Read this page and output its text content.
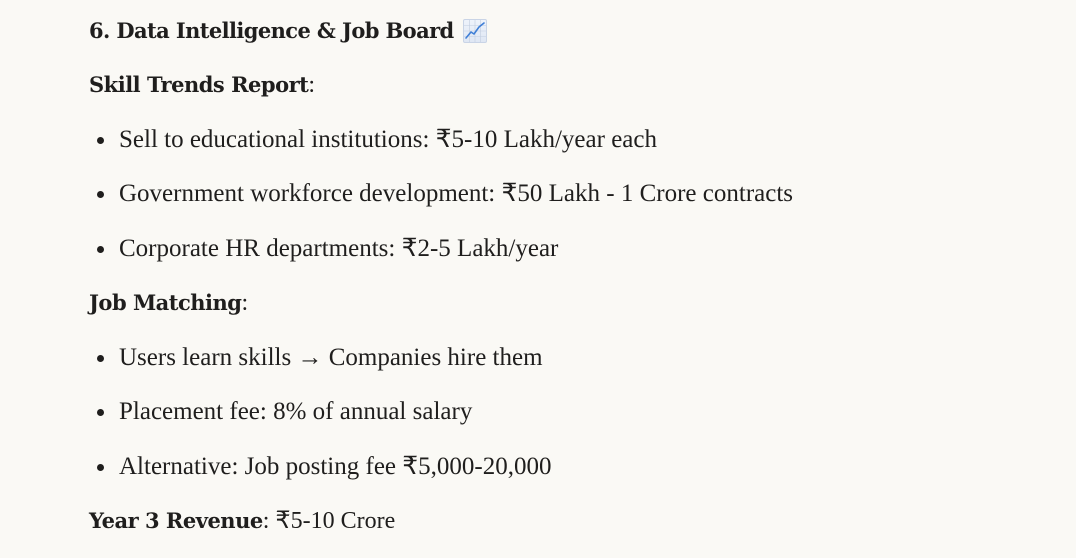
6. Data Intelligence & Job Board
Skill Trends Report:
Sell to educational institutions: ₹5-10 Lakh/year each
Government workforce development: ₹50 Lakh - 1 Crore contracts
Corporate HR departments: ₹2-5 Lakh/year
Job Matching:
Users learn skills → Companies hire them
Placement fee: 8% of annual salary
Alternative: Job posting fee ₹5,000-20,000
Year 3 Revenue: ₹5-10 Crore
